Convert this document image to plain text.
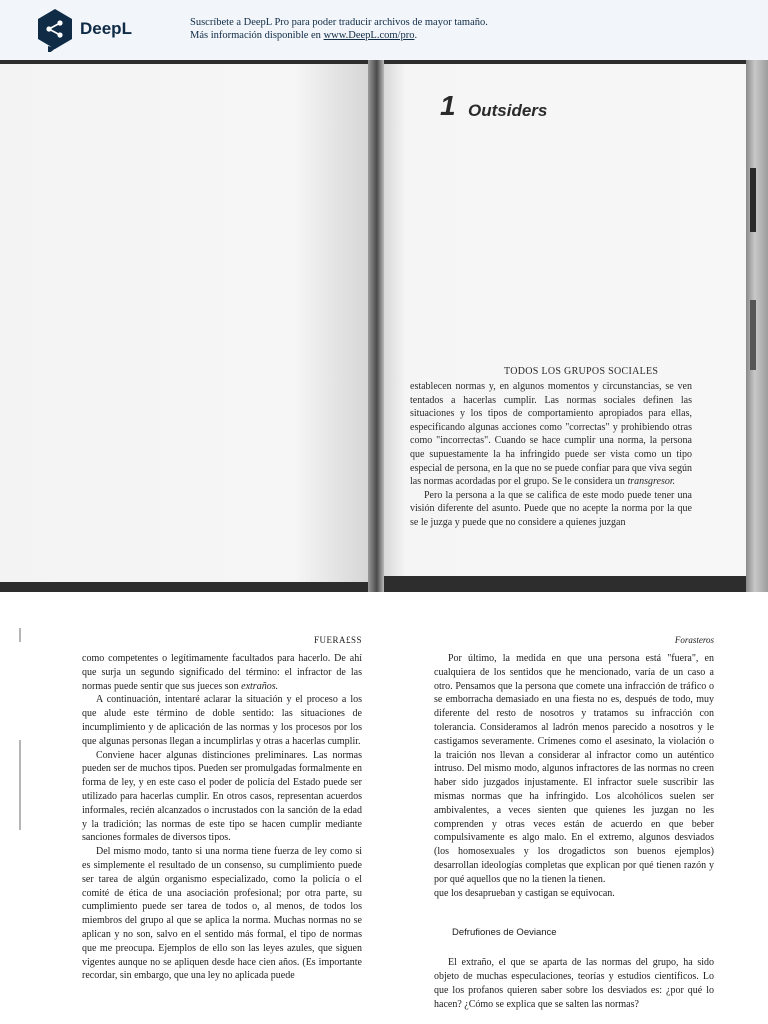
DeepL	Suscríbete a DeepL Pro para poder traducir archivos de mayor tamaño.
Más información disponible en www.DeepL.com/pro.
1 Outsiders
TODOS LOS GRUPOS SOCIALES

establecen normas y, en algunos momentos y circunstancias, se ven tentados a hacerlas cumplir. Las normas sociales definen las situaciones y los tipos de comportamiento apropiados para ellas, especificando algunas acciones como "correctas" y prohibiendo otras como "incorrectas". Cuando se hace cumplir una norma, la persona que supuestamente la ha infringido puede ser vista como un tipo especial de persona, en la que no se puede confiar para que viva según las normas acordadas por el grupo. Se le considera un transgresor.

Pero la persona a la que se califica de este modo puede tener una visión diferente del asunto. Puede que no acepte la norma por la que se le juzga y puede que no considere a quienes juzgan

FUERA£SS

como competentes o legítimamente facultados para hacerlo. De ahí que surja un segundo significado del término: el infractor de las normas puede sentir que sus jueces son extraños.

A continuación, intentaré aclarar la situación y el proceso a los que alude este término de doble sentido: las situaciones de incumplimiento y de aplicación de las normas y los procesos por los que algunas personas llegan a incumplirlas y otras a hacerlas cumplir.

Conviene hacer algunas distinciones preliminares. Las normas pueden ser de muchos tipos. Pueden ser promulgadas formalmente en forma de ley, y en este caso el poder de policía del Estado puede ser utilizado para hacerlas cumplir. En otros casos, representan acuerdos informales, recién alcanzados o incrustados con la sanción de la edad y la tradición; las normas de este tipo se hacen cumplir mediante sanciones formales de diversos tipos.

Del mismo modo, tanto si una norma tiene fuerza de ley como si es simplemente el resultado de un consenso, su cumplimiento puede ser tarea de algún organismo especializado, como la policía o el comité de ética de una asociación profesional; por otra parte, su cumplimiento puede ser tarea de todos o, al menos, de todos los miembros del grupo al que se aplica la norma. Muchas normas no se aplican y no son, salvo en el sentido más formal, el tipo de normas que me preocupa. Ejemplos de ello son las leyes azules, que siguen vigentes aunque no se apliquen desde hace cien años. (Es importante recordar, sin embargo, que una ley no aplicada puede

Forasteros

Por último, la medida en que una persona está "fuera", en cualquiera de los sentidos que he mencionado, varía de un caso a otro. Pensamos que la persona que comete una infracción de tráfico o se emborracha demasiado en una fiesta no es, después de todo, muy diferente del resto de nosotros y tratamos su infracción con tolerancia. Consideramos al ladrón menos parecido a nosotros y le castigamos severamente. Crímenes como el asesinato, la violación o la traición nos llevan a considerar al infractor como un auténtico intruso. Del mismo modo, algunos infractores de las normas no creen haber sido juzgados injustamente. El infractor suele suscribir las mismas normas que ha infringido. Los alcohólicos suelen ser ambivalentes, a veces sienten que quienes les juzgan no les comprenden y otras veces están de acuerdo en que beber compulsivamente es algo malo. En el extremo, algunos desviados (los homosexuales y los drogadictos son buenos ejemplos) desarrollan ideologías completas que explican por qué tienen razón y por qué aquellos que no la tienen la tienen.

que los desaprueban y castigan se equivocan.

Defrufiones de Oeviance

El extraño, el que se aparta de las normas del grupo, ha sido objeto de muchas especulaciones, teorías y estudios científicos. Lo que los profanos quieren saber sobre los desviados es: ¿por qué lo hacen? ¿Cómo se explica que se salten las normas?
